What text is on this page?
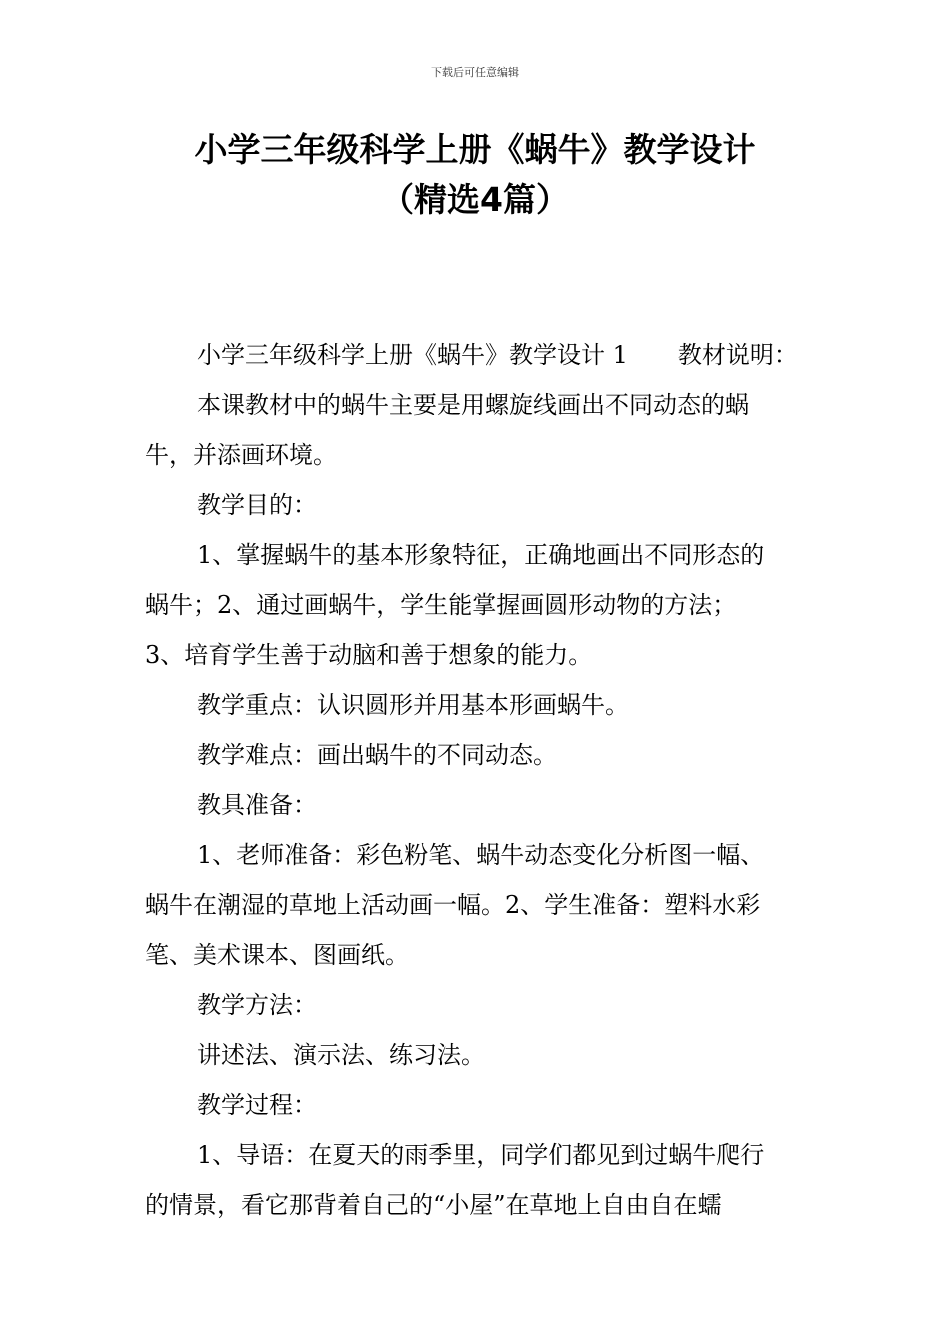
下载后可任意编辑
小学三年级科学上册《蜗牛》教学设计
（精选4篇）

小学三年级科学上册《蜗牛》教学设计 1 教材说明：

本课教材中的蜗牛主要是用螺旋线画出不同动态的蜗

牛，并添画环境。

教学目的：

1、掌握蜗牛的基本形象特征，正确地画出不同形态的

蜗牛；2、通过画蜗牛，学生能掌握画圆形动物的方法；

3、培育学生善于动脑和善于想象的能力。

教学重点：认识圆形并用基本形画蜗牛。

教学难点：画出蜗牛的不同动态。

教具准备：

1、老师准备：彩色粉笔、蜗牛动态变化分析图一幅、

蜗牛在潮湿的草地上活动画一幅。2、学生准备：塑料水彩

笔、美术课本、图画纸。

教学方法：

讲述法、演示法、练习法。

教学过程：

1、导语：在夏天的雨季里，同学们都见到过蜗牛爬行

的情景，看它那背着自己的“小屋”在草地上自由自在蠕
